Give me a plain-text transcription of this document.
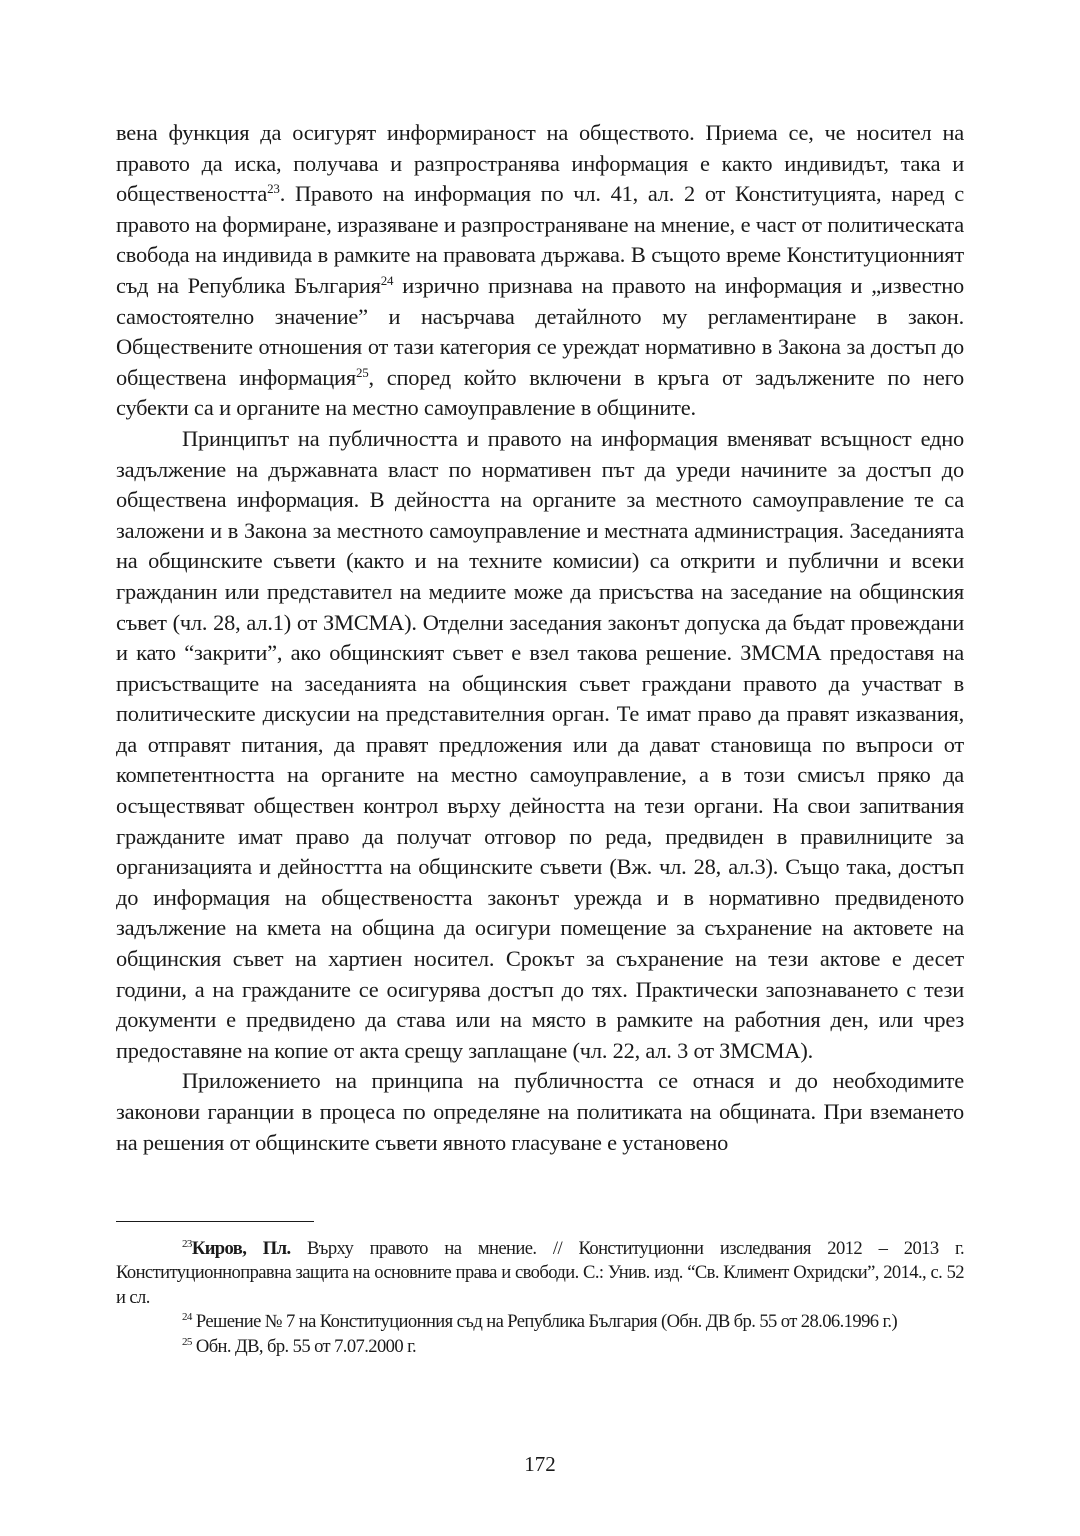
вена функция да осигурят информираност на обществото. Приема се, че носител на правото да иска, получава и разпространява информация е както индивидът, така и обществеността$^{23}$. Правото на информация по чл. 41, ал. 2 от Конституцията, наред с правото на формиране, изразяване и разпространяване на мнение, е част от политическата свобода на индивида в рамките на правовата държава. В същото време Конституционният съд на Република България$^{24}$ изрично признава на правото на информация и „известно самостоятелно значение” и насърчава детайлното му регламентиране в закон. Обществените отношения от тази категория се уреждат нормативно в Закона за достъп до обществена информация$^{25}$, според който включени в кръга от задължените по него субекти са и органите на местно самоуправление в общините.

Принципът на публичността и правото на информация вменяват всъщност едно задължение на държавната власт по нормативен път да уреди начините за достъп до обществена информация. В дейността на органите за местното самоуправление те са заложени и в Закона за местното самоуправление и местната администрация. Заседанията на общинските съвети (както и на техните комисии) са открити и публични и всеки гражданин или представител на медиите може да присъства на заседание на общинския съвет (чл. 28, ал.1) от ЗМСМА). Отделни заседания законът допуска да бъдат провеждани и като “закрити”, ако общинският съвет е взел такова решение. ЗМСМА предоставя на присъстващите на заседанията на общинския съвет граждани правото да участват в политическите дискусии на представителния орган. Те имат право да правят изказвания, да отправят питания, да правят предложения или да дават становища по въпроси от компетентността на органите на местно самоуправление, а в този смисъл пряко да осъществяват обществен контрол върху дейността на тези органи. На свои запитвания гражданите имат право да получат отговор по реда, предвиден в правилниците за организацията и дейносттта на общинските съвети (Вж. чл. 28, ал.3). Също така, достъп до информация на обществеността законът урежда и в нормативно предвиденото задължение на кмета на община да осигури помещение за съхранение на актовете на общинския съвет на хартиен носител. Срокът за съхранение на тези актове е десет години, а на гражданите се осигурява достъп до тях. Практически запознаването с тези документи е предвидено да става или на място в рамките на работния ден, или чрез предоставяне на копие от акта срещу заплащане (чл. 22, ал. 3 от ЗМСМА).

Приложението на принципа на публичността се отнася и до необходимите законови гаранции в процеса по определяне на политиката на общината. При вземането на решения от общинските съвети явното гласуване е установено

$^{23}$Киров, Пл. Върху правото на мнение. // Конституционни изследвания 2012 – 2013 г. Конституционноправна защита на основните права и свободи. С.: Унив. изд. “Св. Климент Охридски”, 2014., с. 52 и сл.

$^{24}$ Решение № 7 на Конституционния съд на Република България (Обн. ДВ бр. 55 от 28.06.1996 г.)

$^{25}$ Обн. ДВ, бр. 55 от 7.07.2000 г.

172
